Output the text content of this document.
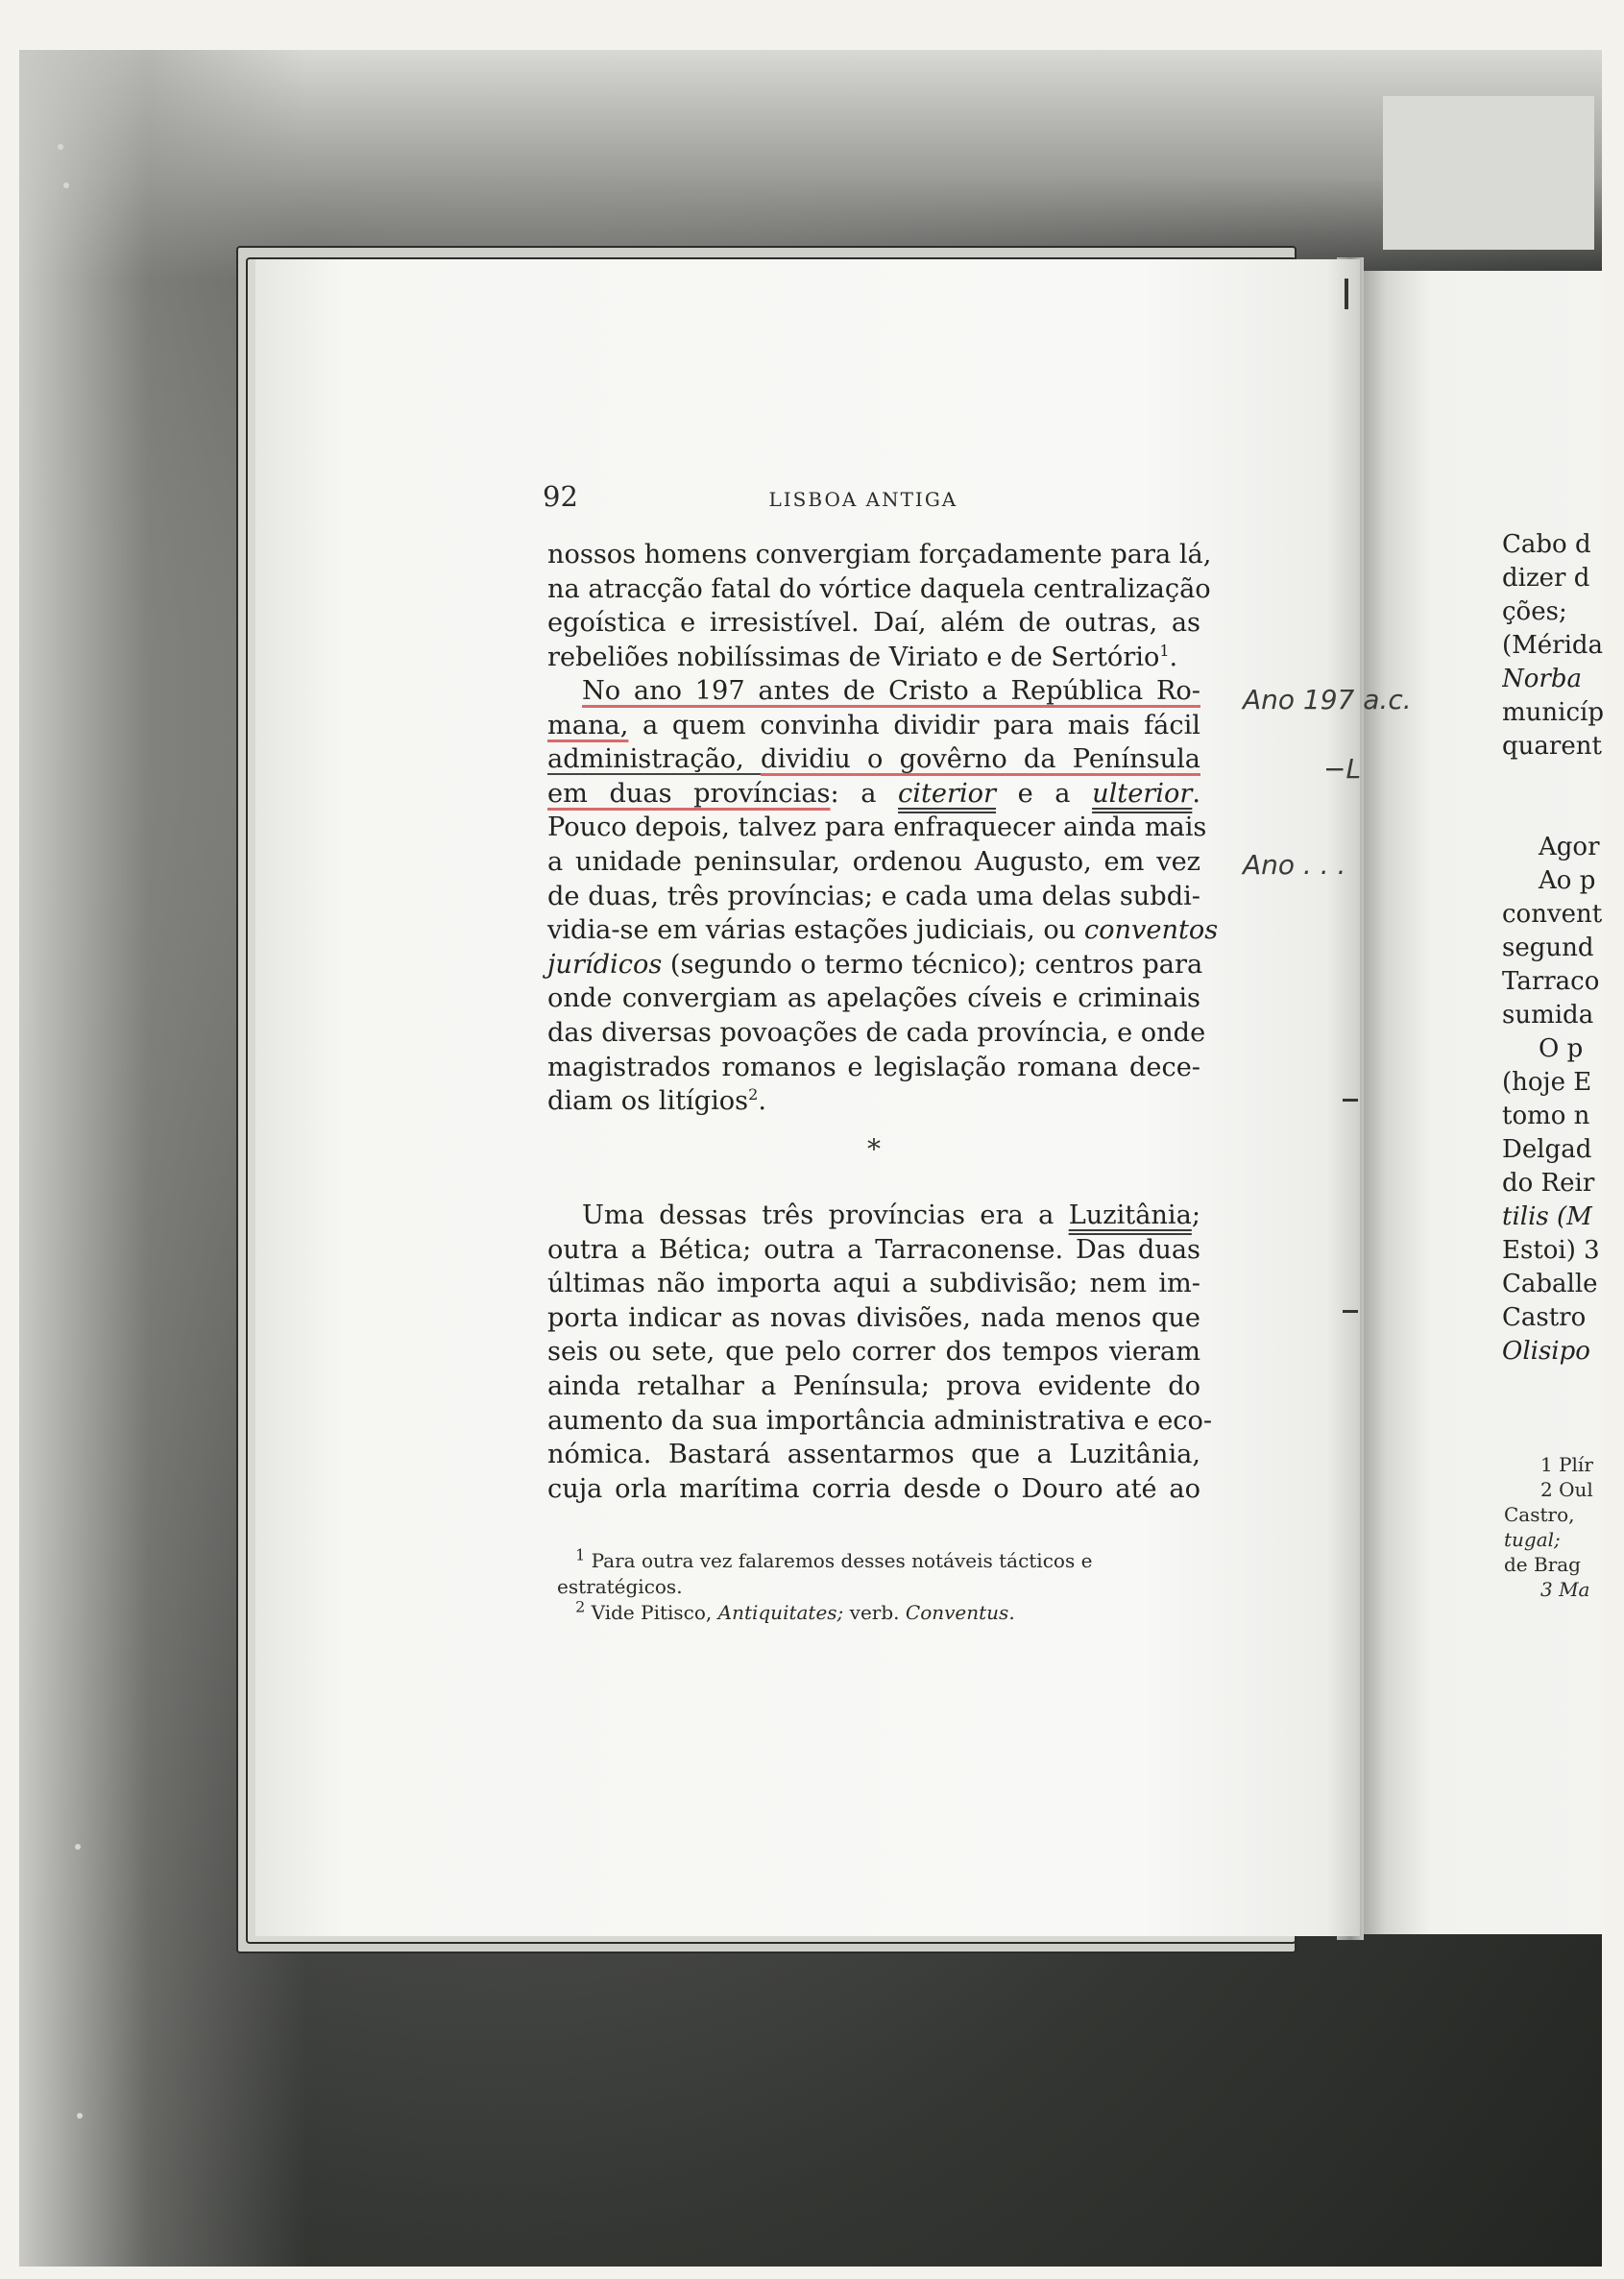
92	LISBOA ANTIGA
nossos homens convergiam forçadamente para lá,
na atracção fatal do vórtice daquela centralização
egoística e irresistível. Daí, além de outras, as
rebeliões nobilíssimas de Viriato e de Sertório$^1$.
No ano 197 antes de Cristo a República Ro-
mana, a quem convinha dividir para mais fácil
administração, dividiu o govêrno da Península
em duas províncias: a citerior e a ulterior.
Pouco depois, talvez para enfraquecer ainda mais
a unidade peninsular, ordenou Augusto, em vez
de duas, três províncias; e cada uma delas subdi-
vidia-se em várias estações judiciais, ou conventos
jurídicos (segundo o termo técnico); centros para
onde convergiam as apelações cíveis e criminais
das diversas povoações de cada província, e onde
magistrados romanos e legislação romana dece-
diam os litígios$^2$.
*
Uma dessas três províncias era a Luzitânia;
outra a Bética; outra a Tarraconense. Das duas
últimas não importa aqui a subdivisão; nem im-
porta indicar as novas divisões, nada menos que
seis ou sete, que pelo correr dos tempos vieram
ainda retalhar a Península; prova evidente do
aumento da sua importância administrativa e eco-
nómica. Bastará assentarmos que a Luzitânia,
cuja orla marítima corria desde o Douro até ao
$^1$ Para outra vez falaremos desses notáveis tácticos e
estratégicos.
$^2$ Vide Pitisco, Antiquitates; verb. Conventus.
Ano 197 a.c.
−L
Ano . . .
Cabo d
dizer d
ções;
(Mérida
Norba
municíp
quarent
Agor
Ao p
convent
segund
Tarraco
sumida
O p
(hoje E
tomo n
Delgad
do Reir
tilis (M
Estoi) 3
Caballe
Castro
Olisipo
1 Plír
2 Oul
Castro,
tugal;
de Brag
3 Ma
